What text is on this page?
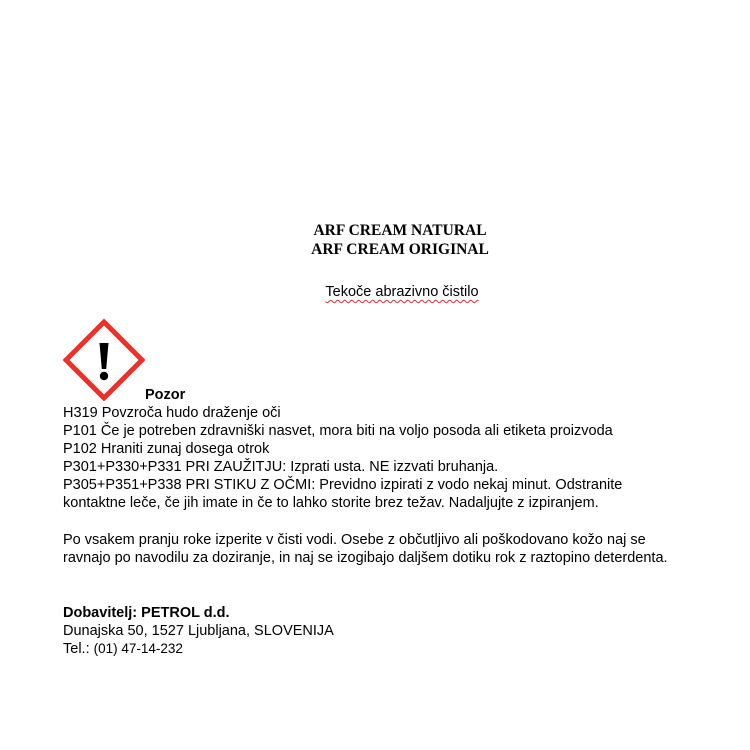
ARF CREAM NATURAL
ARF CREAM ORIGINAL
Tekoče abrazivno čistilo
Pozor
H319 Povzroča hudo draženje oči
P101 Če je potreben zdravniški nasvet, mora biti na voljo posoda ali etiketa proizvoda
P102 Hraniti zunaj dosega otrok
P301+P330+P331 PRI ZAUŽITJU: Izprati usta. NE izzvati bruhanja.
P305+P351+P338 PRI STIKU Z OČMI: Previdno izpirati z vodo nekaj minut. Odstranite
kontaktne leče, če jih imate in če to lahko storite brez težav. Nadaljujte z izpiranjem.
Po vsakem pranju roke izperite v čisti vodi. Osebe z občutljivo ali poškodovano kožo naj se
ravnajo po navodilu za doziranje, in naj se izogibajo daljšem dotiku rok z raztopino deterdenta.
Dobavitelj: PETROL d.d.
Dunajska 50, 1527 Ljubljana, SLOVENIJA
Tel.: (01) 47-14-232
